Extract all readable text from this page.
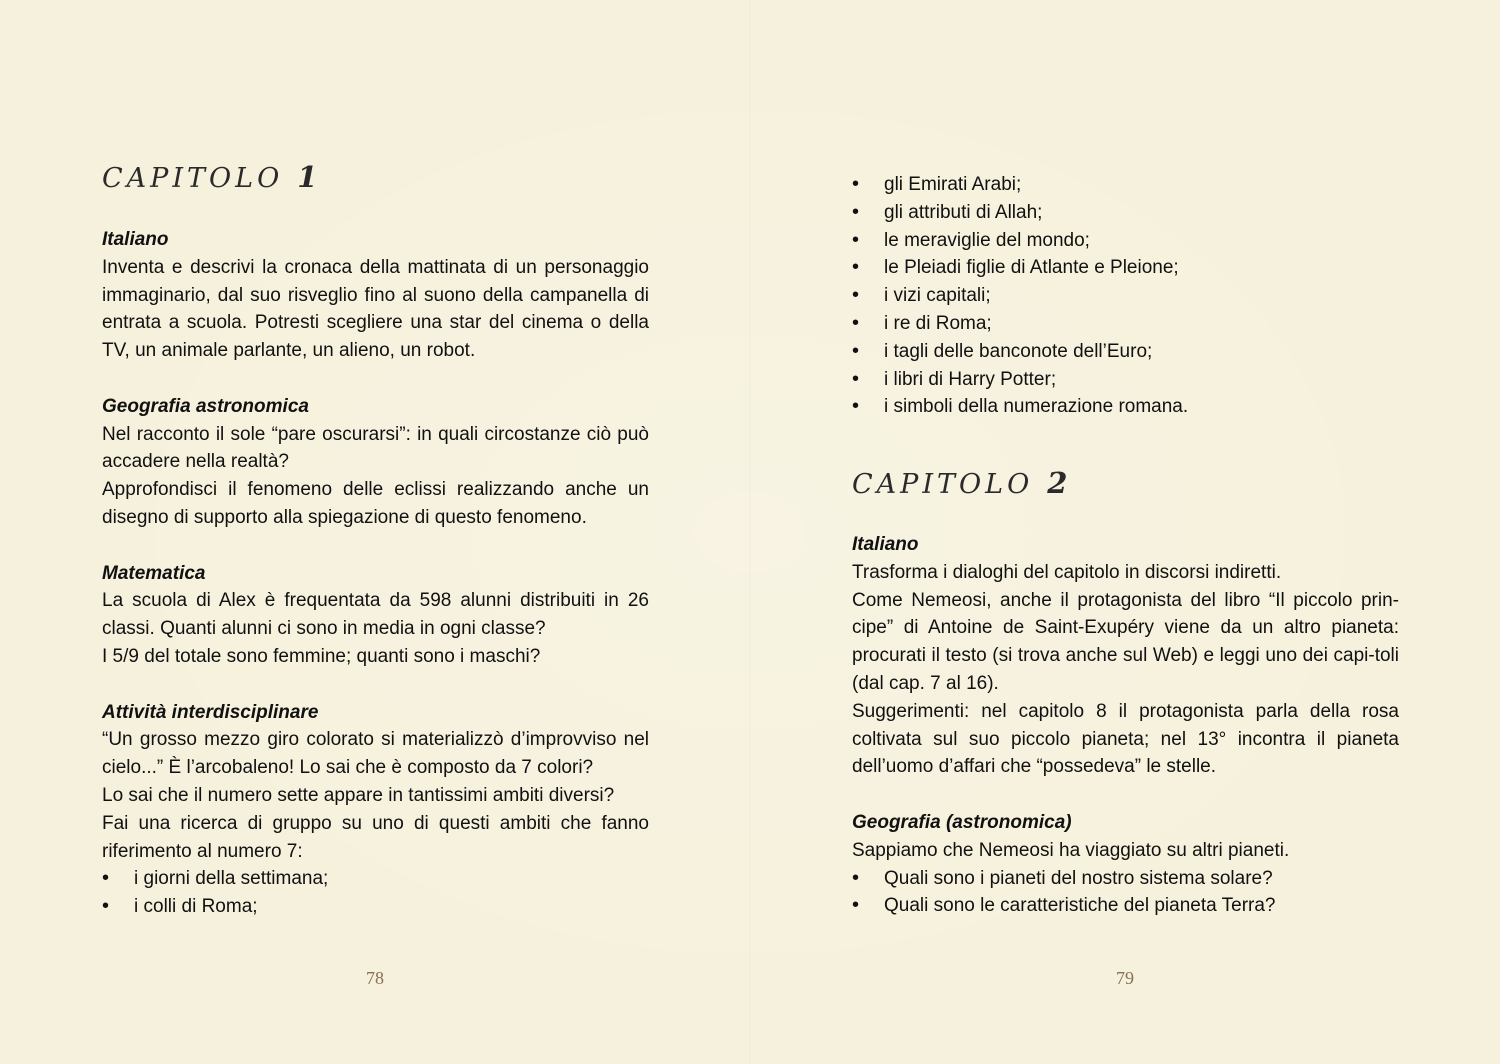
CAPITOLO 1

Italiano

Inventa e descrivi la cronaca della mattinata di un personaggio immaginario, dal suo risveglio fino al suono della campanella di entrata a scuola. Potresti scegliere una star del cinema o della TV, un animale parlante, un alieno, un robot.

Geografia astronomica

Nel racconto il sole “pare oscurarsi”: in quali circostanze ciò può accadere nella realtà?

Approfondisci il fenomeno delle eclissi realizzando anche un disegno di supporto alla spiegazione di questo fenomeno.

Matematica

La scuola di Alex è frequentata da 598 alunni distribuiti in 26 classi. Quanti alunni ci sono in media in ogni classe?

I 5/9 del totale sono femmine; quanti sono i maschi?

Attività interdisciplinare

“Un grosso mezzo giro colorato si materializzò d’improvviso nel cielo...” È l’arcobaleno! Lo sai che è composto da 7 colori?

Lo sai che il numero sette appare in tantissimi ambiti diversi?

Fai una ricerca di gruppo su uno di questi ambiti che fanno riferimento al numero 7:

• i giorni della settimana;
• i colli di Roma;
78
• gli Emirati Arabi;
• gli attributi di Allah;
• le meraviglie del mondo;
• le Pleiadi figlie di Atlante e Pleione;
• i vizi capitali;
• i re di Roma;
• i tagli delle banconote dell’Euro;
• i libri di Harry Potter;
• i simboli della numerazione romana.
CAPITOLO 2

Italiano

Trasforma i dialoghi del capitolo in discorsi indiretti.

Come Nemeosi, anche il protagonista del libro “Il piccolo prin-cipe” di Antoine de Saint-Exupéry viene da un altro pianeta: procurati il testo (si trova anche sul Web) e leggi uno dei capi-toli (dal cap. 7 al 16).

Suggerimenti: nel capitolo 8 il protagonista parla della rosa coltivata sul suo piccolo pianeta; nel 13° incontra il pianeta dell’uomo d’affari che “possedeva” le stelle.

Geografia (astronomica)

Sappiamo che Nemeosi ha viaggiato su altri pianeti.

• Quali sono i pianeti del nostro sistema solare?
• Quali sono le caratteristiche del pianeta Terra?
79
